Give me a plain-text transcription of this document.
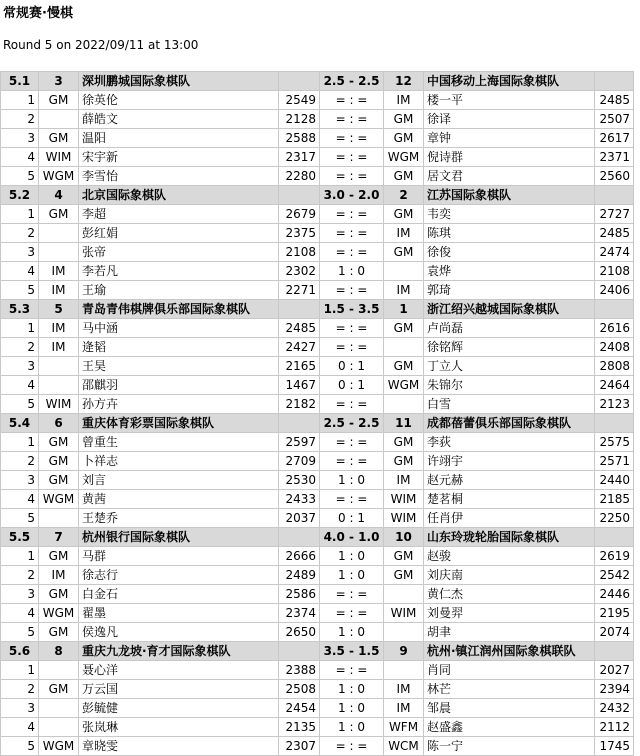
常规赛·慢棋
Round 5 on 2022/09/11 at 13:00
5.1	3	深圳鹏城国际象棋队		2.5 - 2.5	12	中国移动上海国际象棋队	
1	GM	徐英伦	2549	= : =	IM	楼一平	2485
2		薛皓文	2128	= : =	GM	徐译	2507
3	GM	温阳	2588	= : =	GM	章钟	2617
4	WIM	宋宇新	2317	= : =	WGM	倪诗群	2371
5	WGM	李雪怡	2280	= : =	GM	居文君	2560
5.2	4	北京国际象棋队		3.0 - 2.0	2	江苏国际象棋队	
1	GM	李超	2679	= : =	GM	韦奕	2727
2		彭红娟	2375	= : =	IM	陈琪	2485
3		张帝	2108	= : =	GM	徐俊	2474
4	IM	李若凡	2302	1 : 0		袁烨	2108
5	IM	王瑜	2271	= : =	IM	郭琦	2406
5.3	5	青岛青伟棋牌俱乐部国际象棋队		1.5 - 3.5	1	浙江绍兴越城国际象棋队	
1	IM	马中涵	2485	= : =	GM	卢尚磊	2616
2	IM	逄韬	2427	= : =		徐铭辉	2408
3		王昊	2165	0 : 1	GM	丁立人	2808
4		邵麒羽	1467	0 : 1	WGM	朱锦尔	2464
5	WIM	孙方卉	2182	= : =		白雪	2123
5.4	6	重庆体育彩票国际象棋队		2.5 - 2.5	11	成都蓓蕾俱乐部国际象棋队	
1	GM	曾重生	2597	= : =	GM	李荻	2575
2	GM	卜祥志	2709	= : =	GM	许翊宇	2571
3	GM	刘言	2530	1 : 0	IM	赵元赫	2440
4	WGM	黄茜	2433	= : =	WIM	楚茗桐	2185
5		王楚乔	2037	0 : 1	WIM	任肖伊	2250
5.5	7	杭州银行国际象棋队		4.0 - 1.0	10	山东玲珑轮胎国际象棋队	
1	GM	马群	2666	1 : 0	GM	赵骏	2619
2	IM	徐志行	2489	1 : 0	GM	刘庆南	2542
3	GM	白金石	2586	= : =		黄仁杰	2446
4	WGM	翟墨	2374	= : =	WIM	刘曼羿	2195
5	GM	侯逸凡	2650	1 : 0		胡聿	2074
5.6	8	重庆九龙坡·育才国际象棋队		3.5 - 1.5	9	杭州·镇江润州国际象棋联队	
1		聂心洋	2388	= : =		肖同	2027
2	GM	万云国	2508	1 : 0	IM	林芒	2394
3		彭毓健	2454	1 : 0	IM	邹晨	2432
4		张岚琳	2135	1 : 0	WFM	赵盛鑫	2112
5	WGM	章晓雯	2307	= : =	WCM	陈一宁	1745
